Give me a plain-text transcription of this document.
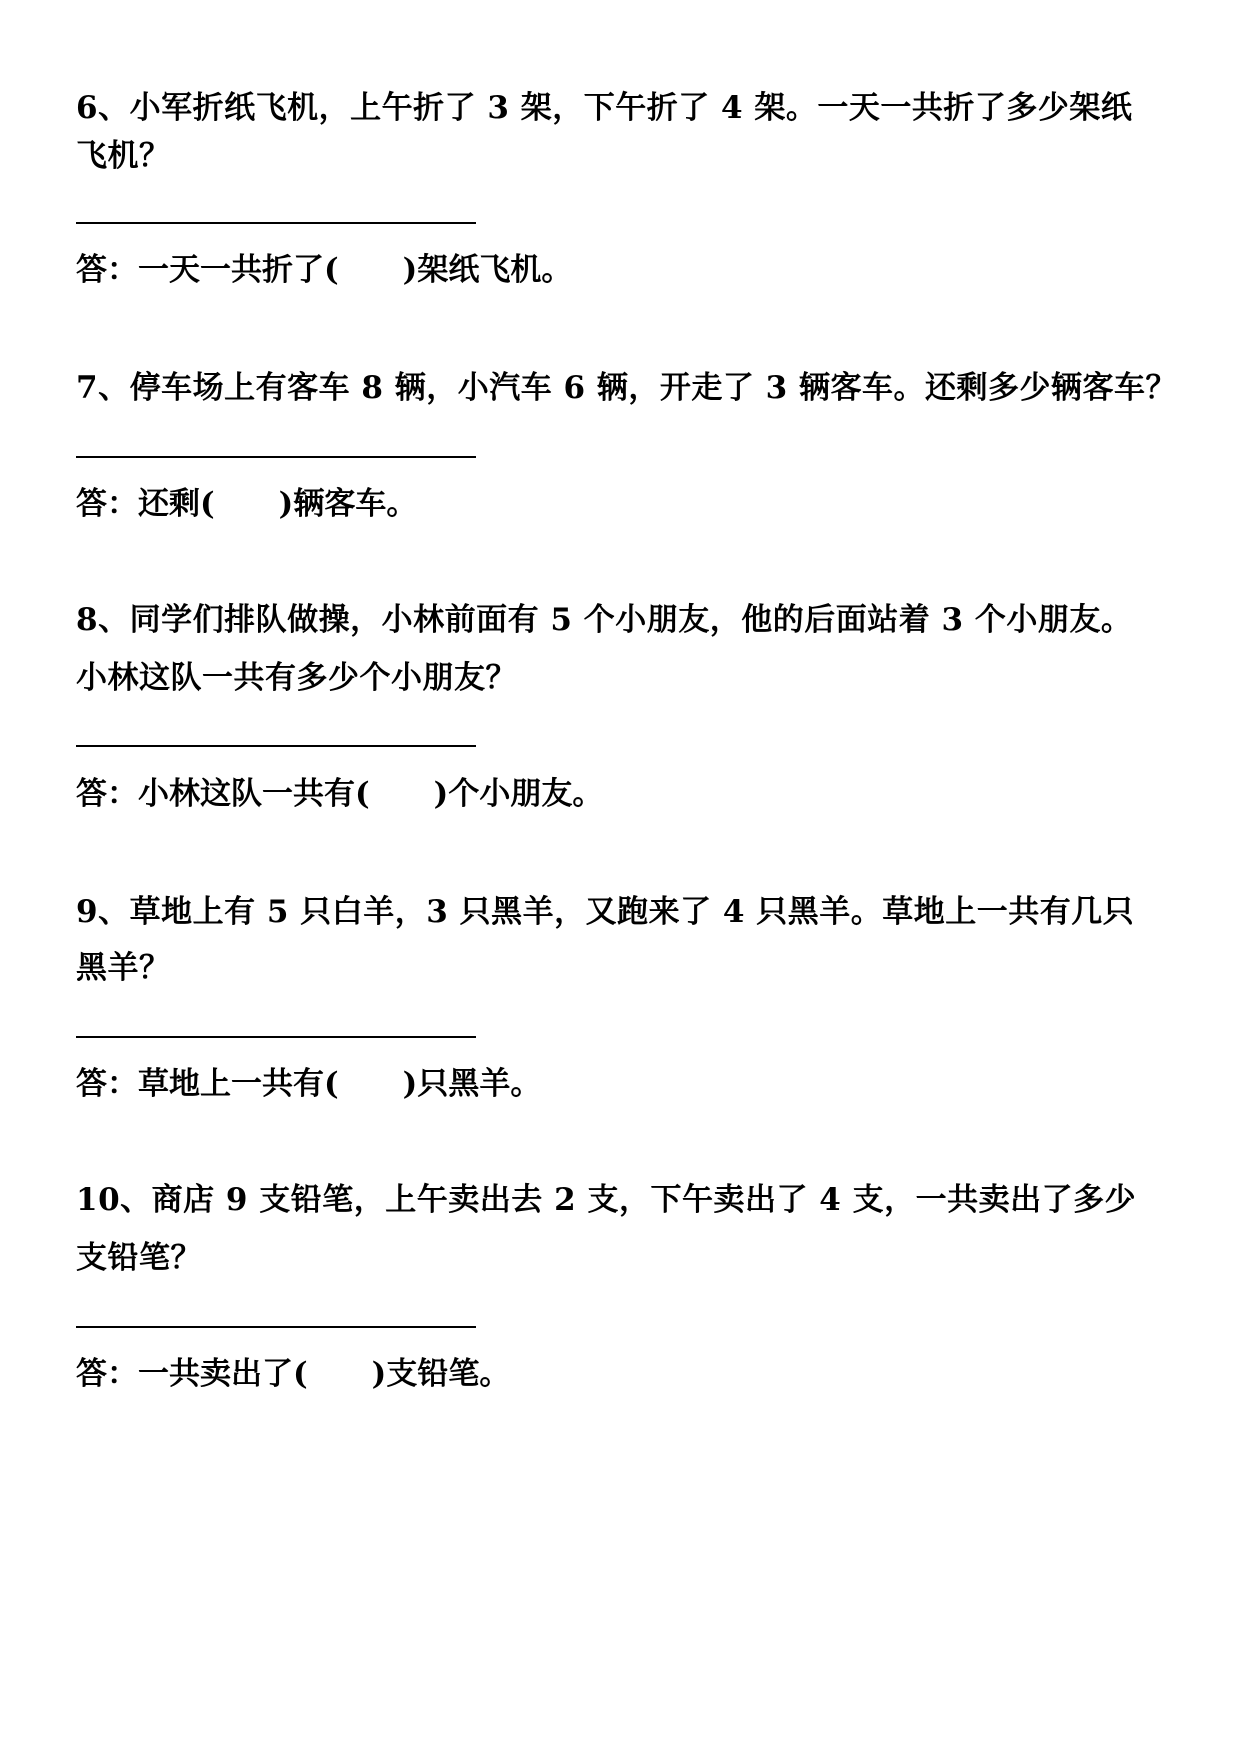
6、小军折纸飞机，上午折了 3 架，下午折了 4 架。一天一共折了多少架纸
飞机？
答：一天一共折了( )架纸飞机。
7、停车场上有客车 8 辆，小汽车 6 辆，开走了 3 辆客车。还剩多少辆客车？
答：还剩( )辆客车。
8、同学们排队做操，小林前面有 5 个小朋友，他的后面站着 3 个小朋友。
小林这队一共有多少个小朋友？
答：小林这队一共有( )个小朋友。
9、草地上有 5 只白羊，3 只黑羊，又跑来了 4 只黑羊。草地上一共有几只
黑羊？
答：草地上一共有( )只黑羊。
10、商店 9 支铅笔，上午卖出去 2 支，下午卖出了 4 支，一共卖出了多少
支铅笔？
答：一共卖出了( )支铅笔。
